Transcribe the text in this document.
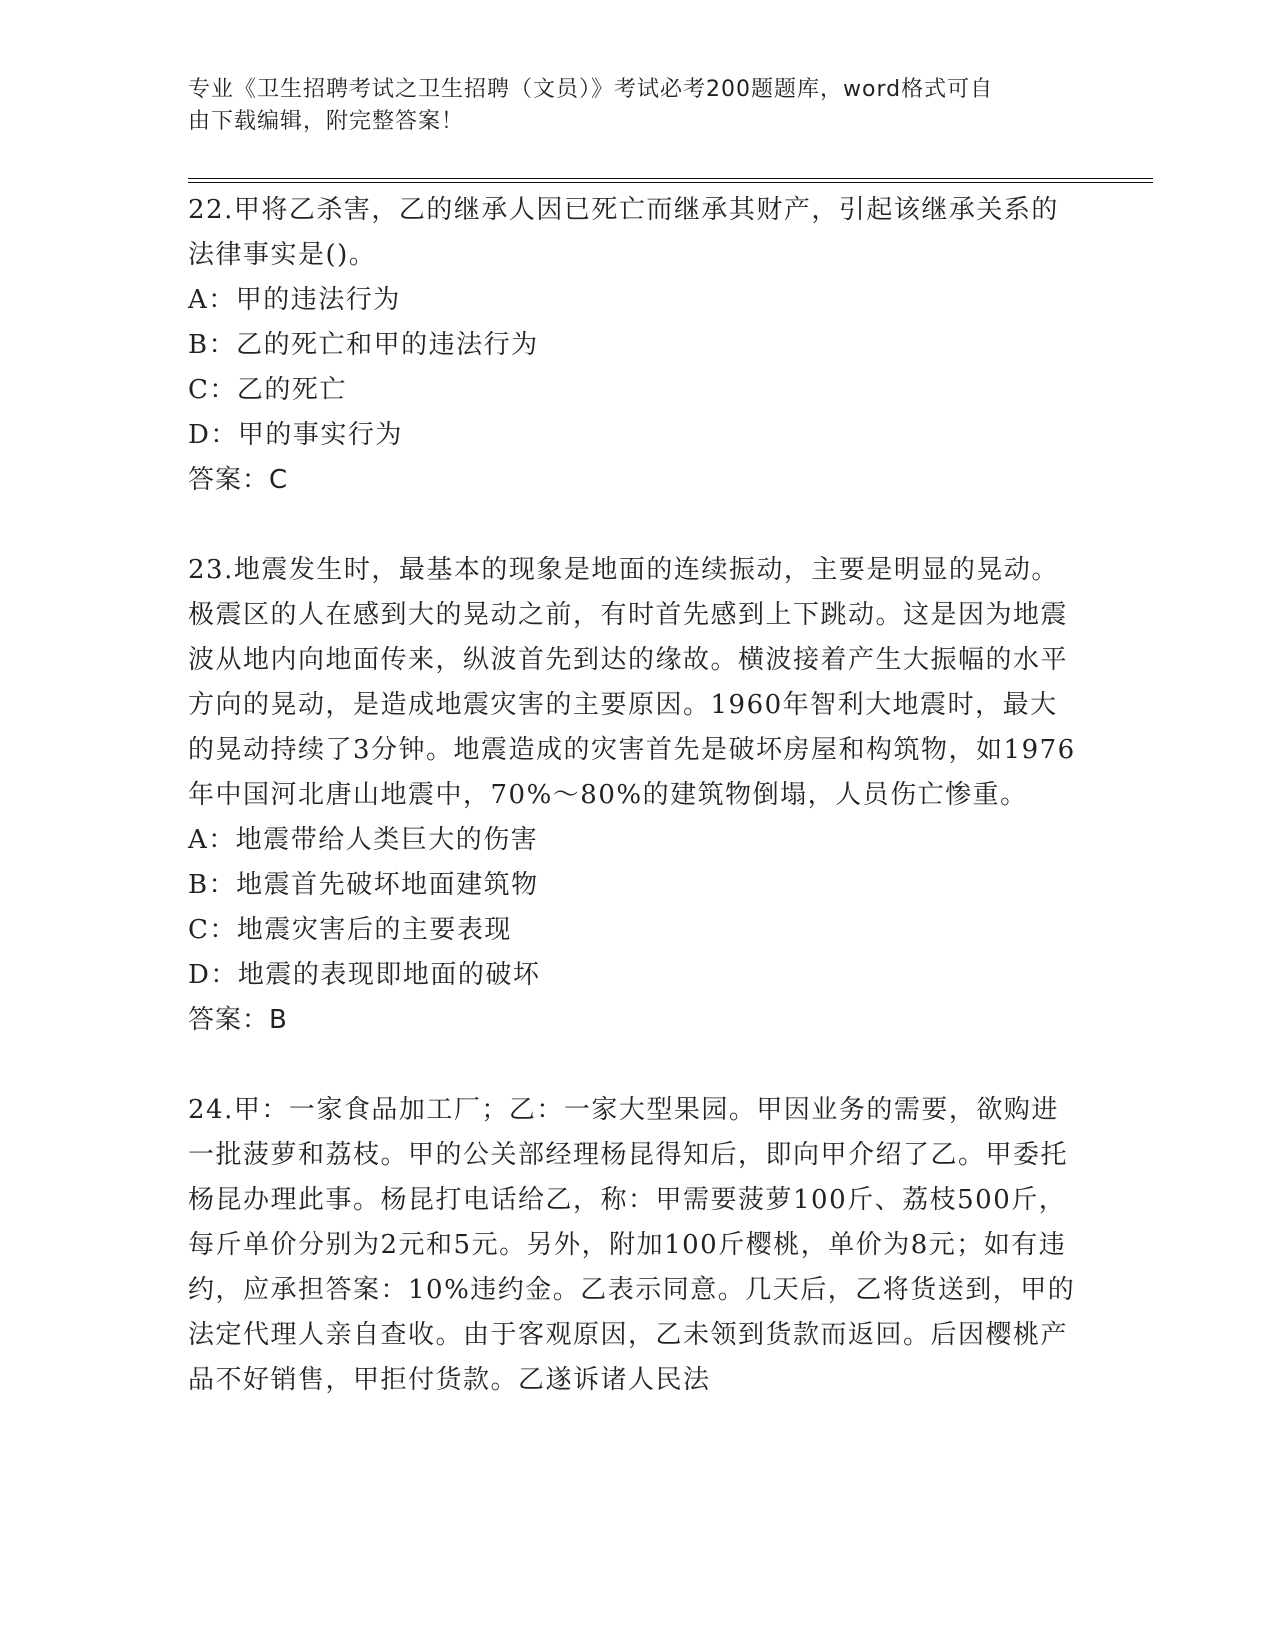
专业《卫生招聘考试之卫生招聘（文员）》考试必考200题题库，word格式可自
由下载编辑，附完整答案！

22.甲将乙杀害，乙的继承人因已死亡而继承其财产，引起该继承关系的法律事实是()。

A：甲的违法行为

B：乙的死亡和甲的违法行为

C：乙的死亡

D：甲的事实行为

答案：C

23.地震发生时，最基本的现象是地面的连续振动，主要是明显的晃动。极震区的人在感到大的晃动之前，有时首先感到上下跳动。这是因为地震波从地内向地面传来，纵波首先到达的缘故。横波接着产生大振幅的水平方向的晃动，是造成地震灾害的主要原因。1960年智利大地震时，最大的晃动持续了3分钟。地震造成的灾害首先是破坏房屋和构筑物，如1976年中国河北唐山地震中，70%～80%的建筑物倒塌，人员伤亡惨重。

A：地震带给人类巨大的伤害

B：地震首先破坏地面建筑物

C：地震灾害后的主要表现

D：地震的表现即地面的破坏

答案：B

24.甲：一家食品加工厂；乙：一家大型果园。甲因业务的需要，欲购进一批菠萝和荔枝。甲的公关部经理杨昆得知后，即向甲介绍了乙。甲委托杨昆办理此事。杨昆打电话给乙，称：甲需要菠萝100斤、荔枝500斤，每斤单价分别为2元和5元。另外，附加100斤樱桃，单价为8元；如有违约，应承担答案：10%违约金。乙表示同意。几天后，乙将货送到，甲的法定代理人亲自查收。由于客观原因，乙未领到货款而返回。后因樱桃产品不好销售，甲拒付货款。乙遂诉诸人民法
